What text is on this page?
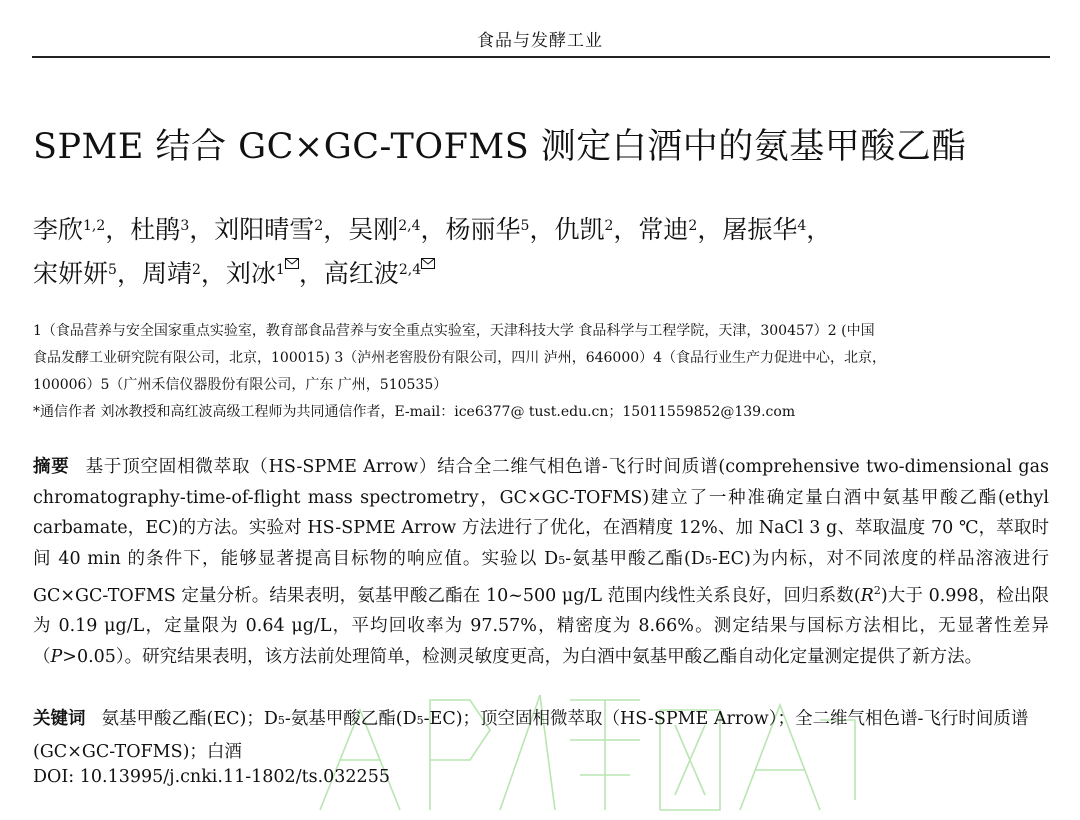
食品与发酵工业
SPME 结合 GC×GC-TOFMS 测定白酒中的氨基甲酸乙酯
李欣$^{1,2}$，杜鹃$^3$，刘阳晴雪$^2$，吴刚$^{2,4}$，杨丽华$^5$，仇凯$^2$，常迪$^2$，屠振华$^4$，
宋妍妍$^5$，周靖$^2$，刘冰$^1$ ，高红波$^{2,4}$
1（食品营养与安全国家重点实验室，教育部食品营养与安全重点实验室，天津科技大学 食品科学与工程学院，天津，300457）2 (中国
食品发酵工业研究院有限公司，北京，100015) 3（泸州老窖股份有限公司，四川 泸州，646000）4（食品行业生产力促进中心，北京，
100006）5（广州禾信仪器股份有限公司，广东 广州，510535）
*通信作者 刘冰教授和高红波高级工程师为共同通信作者，E-mail：ice6377@ tust.edu.cn；15011559852@139.com
摘要 基于顶空固相微萃取（HS-SPME Arrow）结合全二维气相色谱-飞行时间质谱(comprehensive two-dimensional gas chromatography-time-of-flight mass spectrometry，GC×GC-TOFMS)建立了一种准确定量白酒中氨基甲酸乙酯(ethyl carbamate，EC)的方法。实验对 HS-SPME Arrow 方法进行了优化，在酒精度 12%、加 NaCl 3 g、萃取温度 70 ℃，萃取时间 40 min 的条件下，能够显著提高目标物的响应值。实验以 D5-氨基甲酸乙酯(D5-EC)为内标，对不同浓度的样品溶液进行 GC×GC-TOFMS 定量分析。结果表明，氨基甲酸乙酯在 10~500 μg/L 范围内线性关系良好，回归系数$(R^2)$大于 0.998，检出限为 0.19 μg/L，定量限为 0.64 μg/L，平均回收率为 97.57%，精密度为 8.66%。测定结果与国标方法相比，无显著性差异（P>0.05）。研究结果表明，该方法前处理简单，检测灵敏度更高，为白酒中氨基甲酸乙酯自动化定量测定提供了新方法。
关键词 氨基甲酸乙酯(EC)；D5-氨基甲酸乙酯(D5-EC)；顶空固相微萃取（HS-SPME Arrow）；全二维气相色谱-飞行时间质谱(GC×GC-TOFMS)；白酒
DOI: 10.13995/j.cnki.11-1802/ts.032255
